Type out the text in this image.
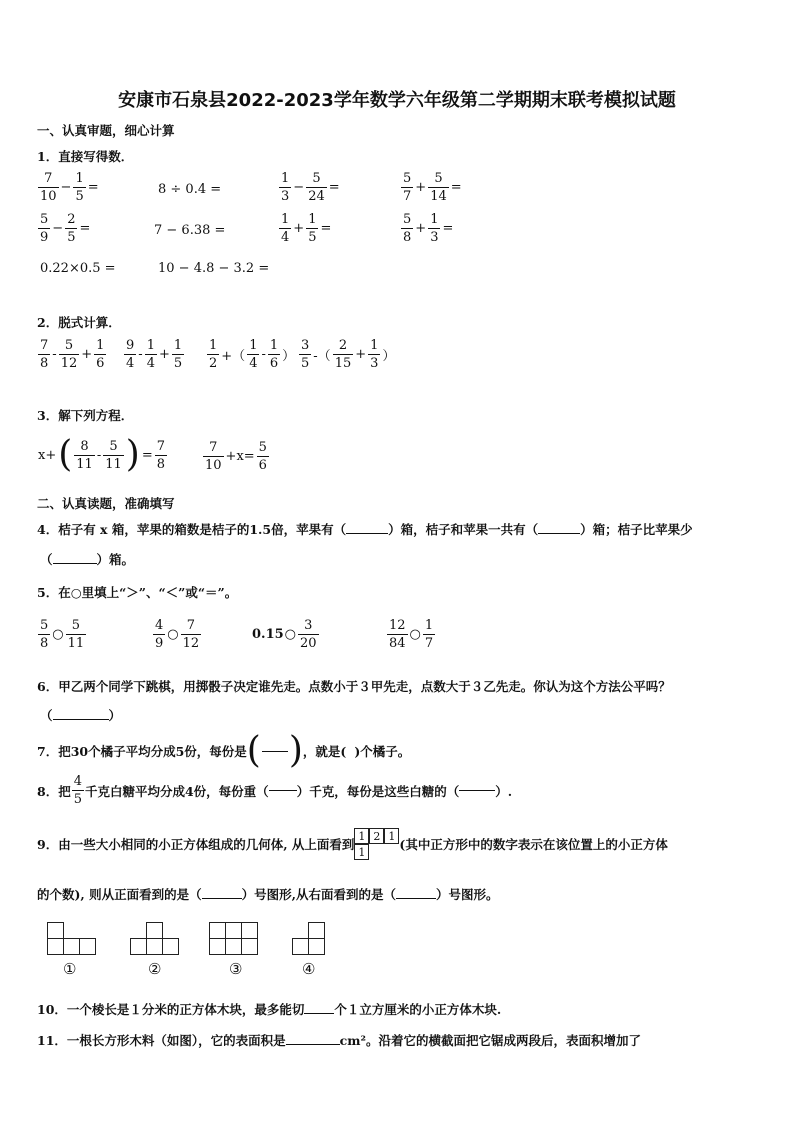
安康市石泉县2022-2023学年数学六年级第二学期期末联考模拟试题
一、认真审题，细心计算
1．直接写得数．
$\frac{7}{10} - \frac{1}{5}$ =	8 ÷ 0.4 =	$\frac{1}{3} - \frac{5}{24}$ =	$\frac{5}{7} + \frac{5}{14}$ =
$\frac{5}{9} - \frac{2}{5}$ =	7 − 6.38 =	$\frac{1}{4} + \frac{1}{5}$ =	$\frac{5}{8} + \frac{1}{3}$ =
0.22×0.5 =	10 − 4.8 − 3.2 =
2．脱式计算．
$\frac{7}{8} - \frac{5}{12} + \frac{1}{6} \frac{9}{4} - \frac{1}{4} + \frac{1}{5} \frac{1}{2}$ +（ $\frac{1}{4} - \frac{1}{6}$ ） $\frac{3}{5}$ -（ $\frac{2}{15} + \frac{1}{3}$ ）
3．解下列方程．
x+ ( $\frac{8}{11} - \frac{5}{11}$ ) = $\frac{7}{8}$	$\frac{7}{10} +x= \frac{5}{6}$
二、认真读题，准确填写
4．桔子有 x 箱，苹果的箱数是桔子的1.5倍，苹果有（	）箱，桔子和苹果一共有（	）箱；桔子比苹果少
（	）箱。
5．在○里填上“＞”、“＜”或“＝”。
$\frac{5}{8}$ ○ $\frac{5}{11}$	$\frac{4}{9}$ ○ $\frac{7}{12}$	0.15 ○ $\frac{3}{20}$	$\frac{12}{84}$ ○ $\frac{1}{7}$
6．甲乙两个同学下跳棋，用掷骰子决定谁先走。点数小于３甲先走，点数大于３乙先走。你认为这个方法公平吗？
（	）
7．把30个橘子平均分成5份，每份是 ( ) ，就是( )个橘子。
8．把 $\frac{4}{5}$ 千克白糖平均分成4份，每份重（ ）千克，每份是这些白糖的（	）.
9．由一些大小相同的小正方体组成的几何体, 从上面看到
1 2 1
1	(其中正方形中的数字表示在该位置上的小正方体
的个数), 则从正面看到的是（	）号图形,从右面看到的是（	）号图形。
①	②	③	④
10．一个棱长是１分米的正方体木块，最多能切 个１立方厘米的小正方体木块.
11．一根长方形木料（如图），它的表面积是	cm²。沿着它的横截面把它锯成两段后，表面积增加了
